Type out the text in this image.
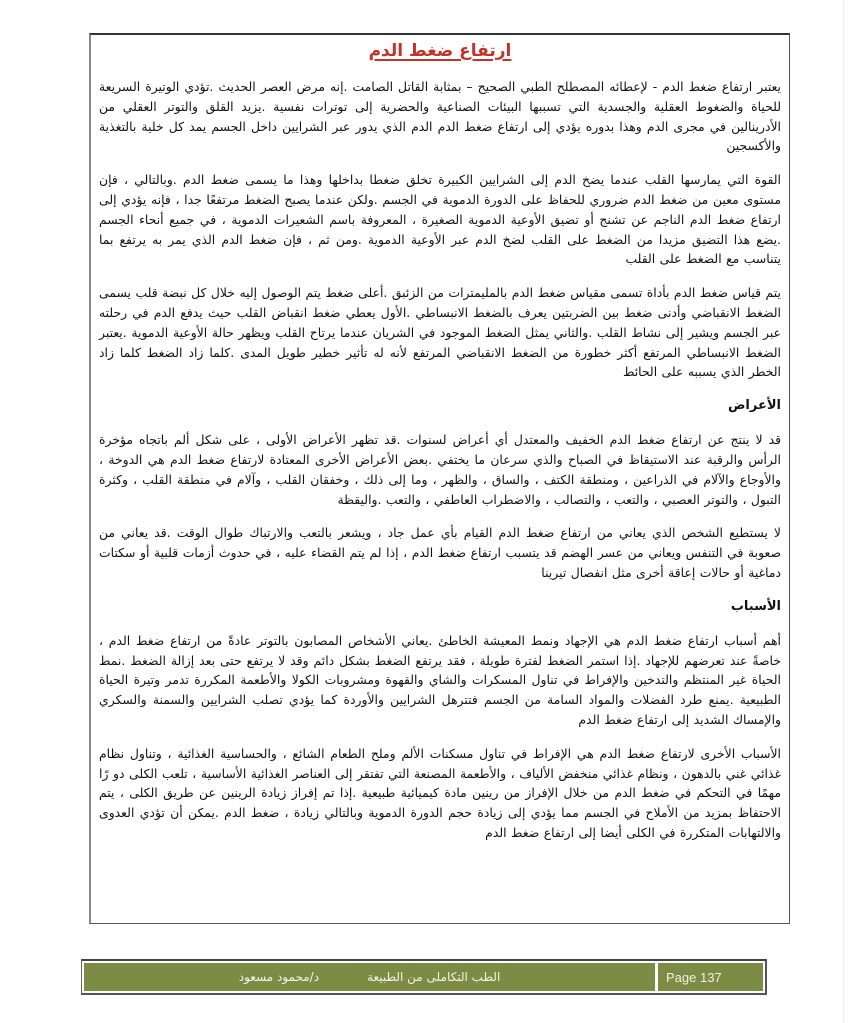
ارتفاع ضغط الدم

يعتبر ارتفاع ضغط الدم - لإعطائه المصطلح الطبي الصحيح – بمثابة القاتل الصامت .إنه مرض العصر الحديث .تؤدي الوتيرة السريعة للحياة والضغوط العقلية والجسدية التي تسببها البيئات الصناعية والحضرية إلى توترات نفسية .يزيد القلق والتوتر العقلي من الأدرينالين في مجرى الدم وهذا بدوره يؤدي إلى ارتفاع ضغط الدم الدم الذي يدور عبر الشرايين داخل الجسم يمد كل خلية بالتغذية والأكسجين

القوة التي يمارسها القلب عندما يضخ الدم إلى الشرايين الكبيرة تخلق ضغطا بداخلها وهذا ما يسمى ضغط الدم .وبالتالي ، فإن مستوى معين من ضغط الدم ضروري للحفاظ على الدورة الدموية في الجسم .ولكن عندما يصبح الضغط مرتفعًا جدا ، فإنه يؤدي إلى ارتفاع ضغط الدم الناجم عن تشنج أو تضيق الأوعية الدموية الصغيرة ، المعروفة باسم الشعيرات الدموية ، في جميع أنحاء الجسم .يضع هذا التضيق مزيدا من الضغط على القلب لضخ الدم عبر الأوعية الدموية .ومن ثم ، فإن ضغط الدم الذي يمر به يرتفع بما يتناسب مع الضغط على القلب

يتم قياس ضغط الدم بأداة تسمى مقياس ضغط الدم بالمليمترات من الزئبق .أعلى ضغط يتم الوصول إليه خلال كل نبضة قلب يسمى الضغط الانقباضي وأدنى ضغط بين الضربتين يعرف بالضغط الانبساطي .الأول يعطي ضغط انقباض القلب حيث يدفع الدم في رحلته عبر الجسم ويشير إلى نشاط القلب .والثاني يمثل الضغط الموجود في الشريان عندما يرتاح القلب ويظهر حالة الأوعية الدموية .يعتبر الضغط الانبساطي المرتفع أكثر خطورة من الضغط الانقباضي المرتفع لأنه له تأثير خطير طويل المدى .كلما زاد الضغط كلما زاد الخطر الذي يسببه على الحائط

الأعراض

قد لا ينتج عن ارتفاع ضغط الدم الخفيف والمعتدل أي أعراض لسنوات .قد تظهر الأعراض الأولى ، على شكل ألم باتجاه مؤخرة الرأس والرقبة عند الاستيقاظ في الصباح والذي سرعان ما يختفي .بعض الأعراض الأخرى المعتادة لارتفاع ضغط الدم هي الدوخة ، والأوجاع والآلام في الذراعين ، ومنطقة الكتف ، والساق ، والظهر ، وما إلى ذلك ، وخفقان القلب ، وآلام في منطقة القلب ، وكثرة التبول ، والتوتر العصبي ، والتعب ، والتصالب ، والاضطراب العاطفي ، والتعب .واليقظة

لا يستطيع الشخص الذي يعاني من ارتفاع ضغط الدم القيام بأي عمل جاد ، ويشعر بالتعب والارتباك طوال الوقت .قد يعاني من صعوبة في التنفس ويعاني من عسر الهضم قد يتسبب ارتفاع ضغط الدم ، إذا لم يتم القضاء عليه ، في حدوث أزمات قلبية أو سكتات دماغية أو حالات إعاقة أخرى مثل انفصال تيرينا

الأسباب

أهم أسباب ارتفاع ضغط الدم هي الإجهاد ونمط المعيشة الخاطئ .يعاني الأشخاص المصابون بالتوتر عادةً من ارتفاع ضغط الدم ، خاصةً عند تعرضهم للإجهاد .إذا استمر الضغط لفترة طويلة ، فقد يرتفع الضغط بشكل دائم وقد لا يرتفع حتى بعد إزالة الضغط .نمط الحياة غير المنتظم والتدخين والإفراط في تناول المسكرات والشاي والقهوة ومشروبات الكولا والأطعمة المكررة تدمر وتيرة الحياة الطبيعية .يمنع طرد الفضلات والمواد السامة من الجسم فتترهل الشرايين والأوردة كما يؤدي تصلب الشرايين والسمنة والسكري والإمساك الشديد إلى ارتفاع ضغط الدم

الأسباب الأخرى لارتفاع ضغط الدم هي الإفراط في تناول مسكنات الألم وملح الطعام الشائع ، والحساسية الغذائية ، وتناول نظام غذائي غني بالدهون ، ونظام غذائي منخفض الألياف ، والأطعمة المصنعة التي تفتقر إلى العناصر الغذائية الأساسية ، تلعب الكلى دو رًا مهمًا في التحكم في ضغط الدم من خلال الإفراز من رينين مادة كيميائية طبيعية .إذا تم إفراز زيادة الرينين عن طريق الكلى ، يتم الاحتفاظ بمزيد من الأملاح في الجسم مما يؤدي إلى زيادة حجم الدورة الدموية وبالتالي زيادة ، ضغط الدم .يمكن أن تؤدي العدوى والالتهابات المتكررة في الكلى أيضا إلى ارتفاع ضغط الدم

الطب التكاملى من الطبيعة
د/محمود مسعود	Page 137
